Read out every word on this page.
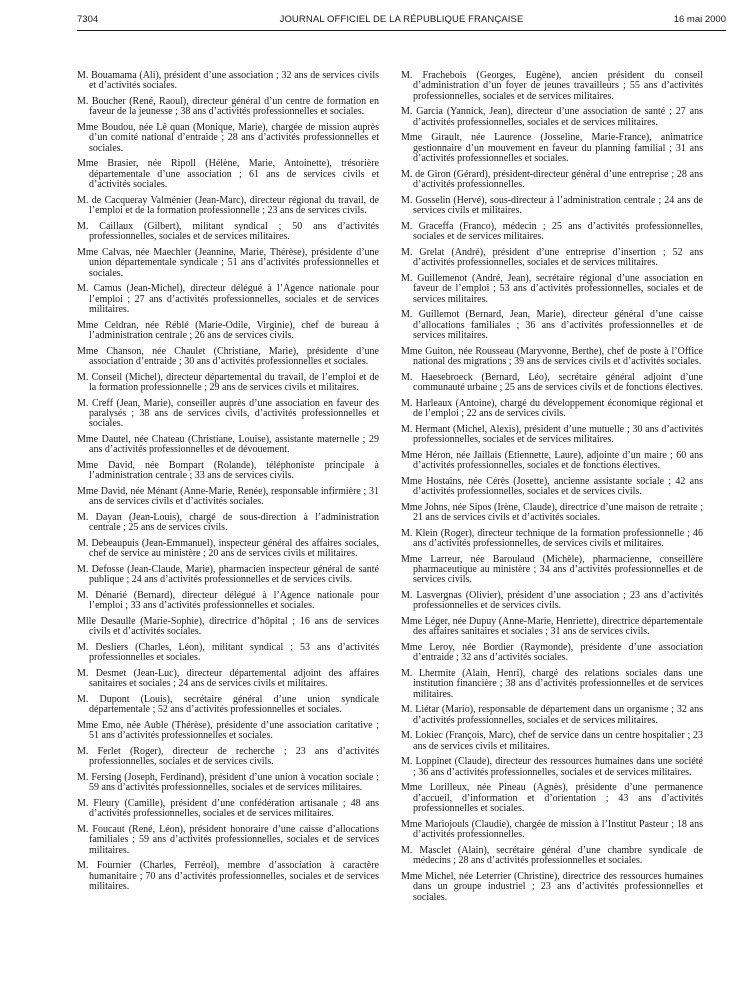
7304	JOURNAL OFFICIEL DE LA RÉPUBLIQUE FRANÇAISE	16 mai 2000

M. Bouamama (Ali), président d’une association ; 32 ans de services civils et d’activités sociales.

M. Boucher (René, Raoul), directeur général d’un centre de formation en faveur de la jeunesse ; 38 ans d’activités professionnelles et sociales.

Mme Boudou, née Lê quan (Monique, Marie), chargée de mission auprès d’un comité national d’entraide ; 28 ans d’activités professionnelles et sociales.

Mme Brasier, née Ripoll (Hélène, Marie, Antoinette), trésorière départementale d’une association ; 61 ans de services civils et d’activités sociales.

M. de Cacqueray Valménier (Jean-Marc), directeur régional du travail, de l’emploi et de la formation professionnelle ; 23 ans de services civils.

M. Caillaux (Gilbert), militant syndical ; 50 ans d’activités professionnelles, sociales et de services militaires.

Mme Calvas, née Maechler (Jeannine, Marie, Thérèse), présidente d’une union départementale syndicale ; 51 ans d’activités professionnelles et sociales.

M. Camus (Jean-Michel), directeur délégué à l’Agence nationale pour l’emploi ; 27 ans d’activités professionnelles, sociales et de services militaires.

Mme Celdran, née Réblé (Marie-Odile, Virginie), chef de bureau à l’administration centrale ; 26 ans de services civils.

Mme Chanson, née Chaulet (Christiane, Marie), présidente d’une association d’entraide ; 30 ans d’activités professionnelles et sociales.

M. Conseil (Michel), directeur départemental du travail, de l’emploi et de la formation professionnelle ; 29 ans de services civils et militaires.

M. Creff (Jean, Marie), conseiller auprès d’une association en faveur des paralysés ; 38 ans de services civils, d’activités professionnelles et sociales.

Mme Dautel, née Chateau (Christiane, Louise), assistante maternelle ; 29 ans d’activités professionnelles et de dévouement.

Mme David, née Bompart (Rolande), téléphoniste principale à l’administration centrale ; 33 ans de services civils.

Mme David, née Ménant (Anne-Marie, Renée), responsable infirmière ; 31 ans de services civils et d’activités sociales.

M. Dayan (Jean-Louis), chargé de sous-direction à l’administration centrale ; 25 ans de services civils.

M. Debeaupuis (Jean-Emmanuel), inspecteur général des affaires sociales, chef de service au ministère ; 20 ans de services civils et militaires.

M. Defosse (Jean-Claude, Marie), pharmacien inspecteur général de santé publique ; 24 ans d’activités professionnelles et de services civils.

M. Dénarié (Bernard), directeur délégué à l’Agence nationale pour l’emploi ; 33 ans d’activités professionnelles et sociales.

Mlle Desaulle (Marie-Sophie), directrice d’hôpital ; 16 ans de services civils et d’activités sociales.

M. Desliers (Charles, Léon), militant syndical ; 53 ans d’activités professionnelles et sociales.

M. Desmet (Jean-Luc), directeur départemental adjoint des affaires sanitaires et sociales ; 24 ans de services civils et militaires.

M. Dupont (Louis), secrétaire général d’une union syndicale départementale ; 52 ans d’activités professionnelles et sociales.

Mme Emo, née Auble (Thérèse), présidente d’une association caritative ; 51 ans d’activités professionnelles et sociales.

M. Ferlet (Roger), directeur de recherche ; 23 ans d’activités professionnelles, sociales et de services civils.

M. Fersing (Joseph, Ferdinand), président d’une union à vocation sociale ; 59 ans d’activités professionnelles, sociales et de services militaires.

M. Fleury (Camille), président d’une confédération artisanale ; 48 ans d’activités professionnelles, sociales et de services militaires.

M. Foucaut (René, Léon), président honoraire d’une caisse d’allocations familiales ; 59 ans d’activités professionnelles, sociales et de services militaires.

M. Fournier (Charles, Ferréol), membre d’association à caractère humanitaire ; 70 ans d’activités professionnelles, sociales et de services militaires.

M. Frachebois (Georges, Eugène), ancien président du conseil d’administration d’un foyer de jeunes travailleurs ; 55 ans d’activités professionnelles, sociales et de services militaires.

M. Garcia (Yannick, Jean), directeur d’une association de santé ; 27 ans d’activités professionnelles, sociales et de services militaires.

Mme Girault, née Laurence (Josseline, Marie-France), animatrice gestionnaire d’un mouvement en faveur du planning familial ; 31 ans d’activités professionnelles et sociales.

M. de Giron (Gérard), président-directeur général d’une entreprise ; 28 ans d’activités professionnelles.

M. Gosselin (Hervé), sous-directeur à l’administration centrale ; 24 ans de services civils et militaires.

M. Graceffa (Franco), médecin ; 25 ans d’activités professionnelles, sociales et de services militaires.

M. Grelat (André), président d’une entreprise d’insertion ; 52 ans d’activités professionnelles, sociales et de services militaires.

M. Guillemenot (André, Jean), secrétaire régional d’une association en faveur de l’emploi ; 53 ans d’activités professionnelles, sociales et de services militaires.

M. Guillemot (Bernard, Jean, Marie), directeur général d’une caisse d’allocations familiales ; 36 ans d’activités professionnelles et de services militaires.

Mme Guiton, née Rousseau (Maryvonne, Berthe), chef de poste à l’Office national des migrations ; 39 ans de services civils et d’activités sociales.

M. Haesebroeck (Bernard, Léo), secrétaire général adjoint d’une communauté urbaine ; 25 ans de services civils et de fonctions électives.

M. Harleaux (Antoine), chargé du développement économique régional et de l’emploi ; 22 ans de services civils.

M. Hermant (Michel, Alexis), président d’une mutuelle ; 30 ans d’activités professionnelles, sociales et de services militaires.

Mme Héron, née Jaillais (Etiennette, Laure), adjointe d’un maire ; 60 ans d’activités professionnelles, sociales et de fonctions électives.

Mme Hostains, née Cérès (Josette), ancienne assistante sociale ; 42 ans d’activités professionnelles, sociales et de services civils.

Mme Johns, née Sipos (Irène, Claude), directrice d’une maison de retraite ; 21 ans de services civils et d’activités sociales.

M. Klein (Roger), directeur technique de la formation professionnelle ; 46 ans d’activités professionnelles, de services civils et militaires.

Mme Larreur, née Baroulaud (Michèle), pharmacienne, conseillère pharmaceutique au ministère ; 34 ans d’activités professionnelles et de services civils.

M. Lasvergnas (Olivier), président d’une association ; 23 ans d’activités professionnelles et de services civils.

Mme Léger, née Dupuy (Anne-Marie, Henriette), directrice départementale des affaires sanitaires et sociales ; 31 ans de services civils.

Mme Leroy, née Bordier (Raymonde), présidente d’une association d’entraide ; 32 ans d’activités sociales.

M. Lhermite (Alain, Henri), chargé des relations sociales dans une institution financière ; 38 ans d’activités professionnelles et de services militaires.

M. Liétar (Mario), responsable de département dans un organisme ; 32 ans d’activités professionnelles, sociales et de services militaires.

M. Lokiec (François, Marc), chef de service dans un centre hospitalier ; 23 ans de services civils et militaires.

M. Loppinet (Claude), directeur des ressources humaines dans une société ; 36 ans d’activités professionnelles, sociales et de services militaires.

Mme Lorilleux, née Pineau (Agnès), présidente d’une permanence d’accueil, d’information et d’orientation ; 43 ans d’activités professionnelles et sociales.

Mme Mariojouls (Claudie), chargée de mission à l’Institut Pasteur ; 18 ans d’activités professionnelles.

M. Masclet (Alain), secrétaire général d’une chambre syndicale de médecins ; 28 ans d’activités professionnelles et sociales.

Mme Michel, née Leterrier (Christine), directrice des ressources humaines dans un groupe industriel ; 23 ans d’activités professionnelles et sociales.
